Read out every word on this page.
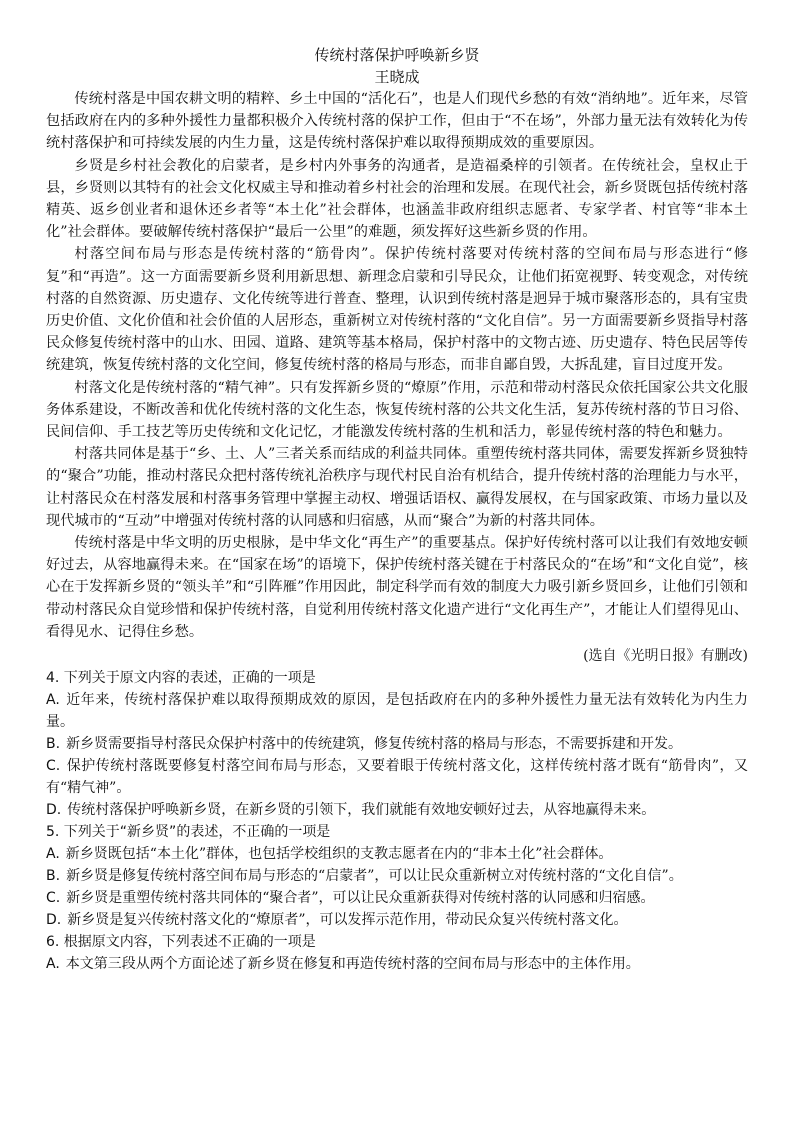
传统村落保护呼唤新乡贤

王晓成

传统村落是中国农耕文明的精粹、乡土中国的“活化石”，也是人们现代乡愁的有效“消纳地”。近年来，尽管包括政府在内的多种外援性力量都积极介入传统村落的保护工作，但由于“不在场”，外部力量无法有效转化为传统村落保护和可持续发展的内生力量，这是传统村落保护难以取得预期成效的重要原因。

乡贤是乡村社会教化的启蒙者，是乡村内外事务的沟通者，是造福桑梓的引领者。在传统社会，皇权止于县，乡贤则以其特有的社会文化权威主导和推动着乡村社会的治理和发展。在现代社会，新乡贤既包括传统村落精英、返乡创业者和退休还乡者等“本土化”社会群体，也涵盖非政府组织志愿者、专家学者、村官等“非本土化”社会群体。要破解传统村落保护“最后一公里”的难题，须发挥好这些新乡贤的作用。

村落空间布局与形态是传统村落的“筋骨肉”。保护传统村落要对传统村落的空间布局与形态进行“修复”和“再造”。这一方面需要新乡贤利用新思想、新理念启蒙和引导民众，让他们拓宽视野、转变观念，对传统村落的自然资源、历史遗存、文化传统等进行普查、整理，认识到传统村落是迥异于城市聚落形态的，具有宝贵历史价值、文化价值和社会价值的人居形态，重新树立对传统村落的“文化自信”。另一方面需要新乡贤指导村落民众修复传统村落中的山水、田园、道路、建筑等基本格局，保护村落中的文物古迹、历史遗存、特色民居等传统建筑，恢复传统村落的文化空间，修复传统村落的格局与形态，而非自鄙自毁，大拆乱建，盲目过度开发。

村落文化是传统村落的“精气神”。只有发挥新乡贤的“燎原”作用，示范和带动村落民众依托国家公共文化服务体系建设，不断改善和优化传统村落的文化生态，恢复传统村落的公共文化生活，复苏传统村落的节日习俗、民间信仰、手工技艺等历史传统和文化记忆，才能激发传统村落的生机和活力，彰显传统村落的特色和魅力。

村落共同体是基于“乡、土、人”三者关系而结成的利益共同体。重塑传统村落共同体，需要发挥新乡贤独特的“聚合”功能，推动村落民众把村落传统礼治秩序与现代村民自治有机结合，提升传统村落的治理能力与水平，让村落民众在村落发展和村落事务管理中掌握主动权、增强话语权、赢得发展权，在与国家政策、市场力量以及现代城市的“互动”中增强对传统村落的认同感和归宿感，从而“聚合”为新的村落共同体。

传统村落是中华文明的历史根脉，是中华文化“再生产”的重要基点。保护好传统村落可以让我们有效地安顿好过去，从容地赢得未来。在“国家在场”的语境下，保护传统村落关键在于村落民众的“在场”和“文化自觉”，核心在于发挥新乡贤的“领头羊”和“引阵雁”作用因此，制定科学而有效的制度大力吸引新乡贤回乡，让他们引领和带动村落民众自觉珍惜和保护传统村落，自觉利用传统村落文化遗产进行“文化再生产”，才能让人们望得见山、看得见水、记得住乡愁。

(选自《光明日报》有删改)

4. 下列关于原文内容的表述，正确的一项是

A. 近年来，传统村落保护难以取得预期成效的原因，是包括政府在内的多种外援性力量无法有效转化为内生力量。

B. 新乡贤需要指导村落民众保护村落中的传统建筑，修复传统村落的格局与形态，不需要拆建和开发。

C. 保护传统村落既要修复村落空间布局与形态，又要着眼于传统村落文化，这样传统村落才既有“筋骨肉”，又有“精气神”。

D. 传统村落保护呼唤新乡贤，在新乡贤的引领下，我们就能有效地安顿好过去，从容地赢得未来。

5. 下列关于“新乡贤”的表述，不正确的一项是

A. 新乡贤既包括“本土化”群体，也包括学校组织的支教志愿者在内的“非本土化”社会群体。

B. 新乡贤是修复传统村落空间布局与形态的“启蒙者”，可以让民众重新树立对传统村落的“文化自信”。

C. 新乡贤是重塑传统村落共同体的“聚合者”，可以让民众重新获得对传统村落的认同感和归宿感。

D. 新乡贤是复兴传统村落文化的“燎原者”，可以发挥示范作用，带动民众复兴传统村落文化。

6. 根据原文内容，下列表述不正确的一项是

A. 本文第三段从两个方面论述了新乡贤在修复和再造传统村落的空间布局与形态中的主体作用。
